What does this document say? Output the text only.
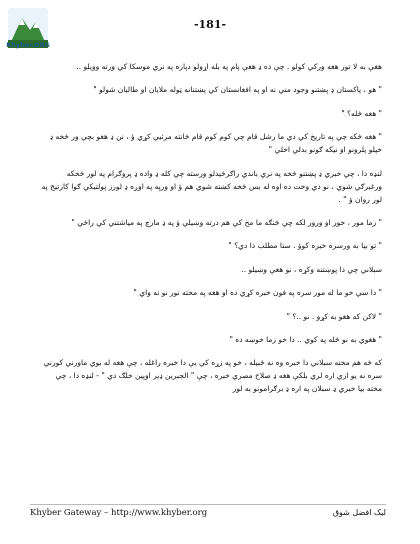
Khyber.ORG
-181-

هغې به لا تور هغه ورکي کولو . چې ده ډ هغې پام په بله اړولو دپاره په نري موسکا کي ورته وويلو ..

" هو ، پاکستان ډ پښتنو وجود مني نه او په افغانستان کي پښتنانه ټوله ملايان او طالبان شولو "

" هغه څله؟ "

" هغه څکه چي په تاريخ کي دي ما رشل قام چي کوم کوم قام څانته مرئيي کړي ؤ ، نن ډ هغو بچي ور څخه ډ خپلو پلرونو او نيکه ګونو بدلي اخلي "

لنډه دا ، چي خبري ډ پښتنو څخه په نري باندي راګرځيدلو ورسته چي کله ډ واده ډ پروګرام په لور څخکه ورغبرګي شوي ، نو دي وخت ده اوه له بس څخه کښته شوي هم ؤ او ورپه په اوږه ډ لورز پولتيکي ګوا کارتيج په لور روان ؤ " .

" زما مور ، خور او ورور لکه چي څنګه ما مخ کي هم درته وښيلي ؤ په ډ مارچ په مياشتني کي راځي "

" تو بيا به ورسره خبره کوؤ . ستا مطلب دا دي؟ "

سبلاني چي دا پوښتنه وکړه ، نو هغې وښيلو ..

" دا سي خو ما له مور سره په فون خبره کړي ده او هغه په مخته نور نو نه واي "

" لاکن که هغو به کړو . نو ..؟ "

" هغوي به نو څله په کوي .. دا خو زما خوښه ده "

که څه هم مخته سبلاني دا خبره وه نه څبيله ، خو په زړه کي يې دا خبره راغله ، چې هغه له بوي ماورني کورني سره نه يو ازي اره لري بلکې هغه ډ صلاح مصري خبره ، چې " الجبرين ډير اوپين خلګ دي " - لنډه دا ، چي مخته بيا خبري ډ سبلان په اره ډ برګرامونو به لور

Khyber Gateway – http://www.khyber.org	ليک افضل شوق
